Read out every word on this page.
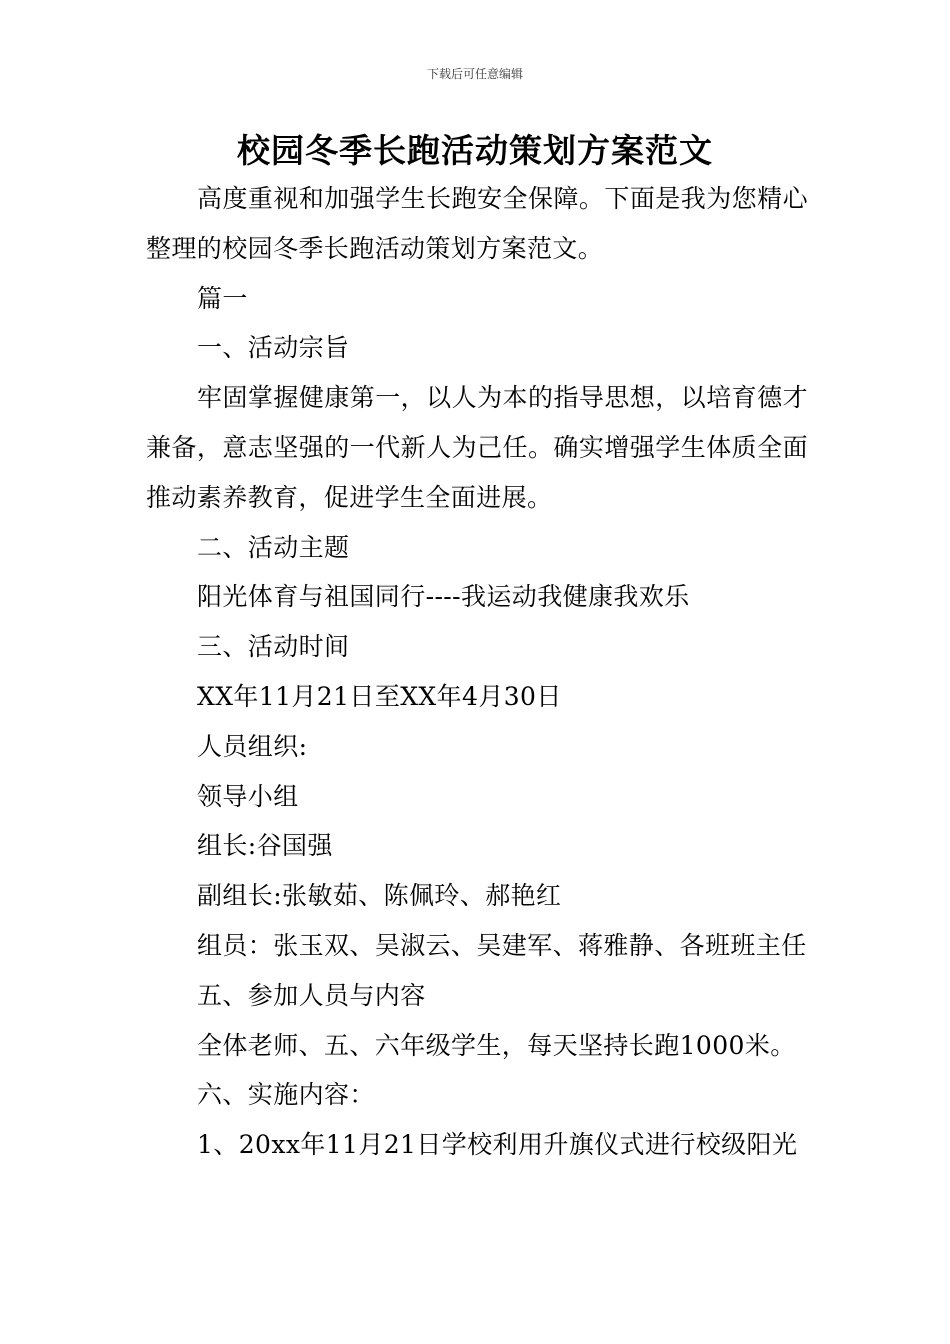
下载后可任意编辑
校园冬季长跑活动策划方案范文

高度重视和加强学生长跑安全保障。下面是我为您精心整理的校园冬季长跑活动策划方案范文。

篇一

一、活动宗旨

牢固掌握健康第一，以人为本的指导思想，以培育德才兼备，意志坚强的一代新人为己任。确实增强学生体质全面推动素养教育，促进学生全面进展。

二、活动主题

阳光体育与祖国同行----我运动我健康我欢乐

三、活动时间

XX年11月21日至XX年4月30日

人员组织:

领导小组

组长:谷国强

副组长:张敏茹、陈佩玲、郝艳红

组员：张玉双、吴淑云、吴建军、蒋雅静、各班班主任

五、参加人员与内容

全体老师、五、六年级学生，每天坚持长跑1000米。

六、实施内容：

1、20xx年11月21日学校利用升旗仪式进行校级阳光
